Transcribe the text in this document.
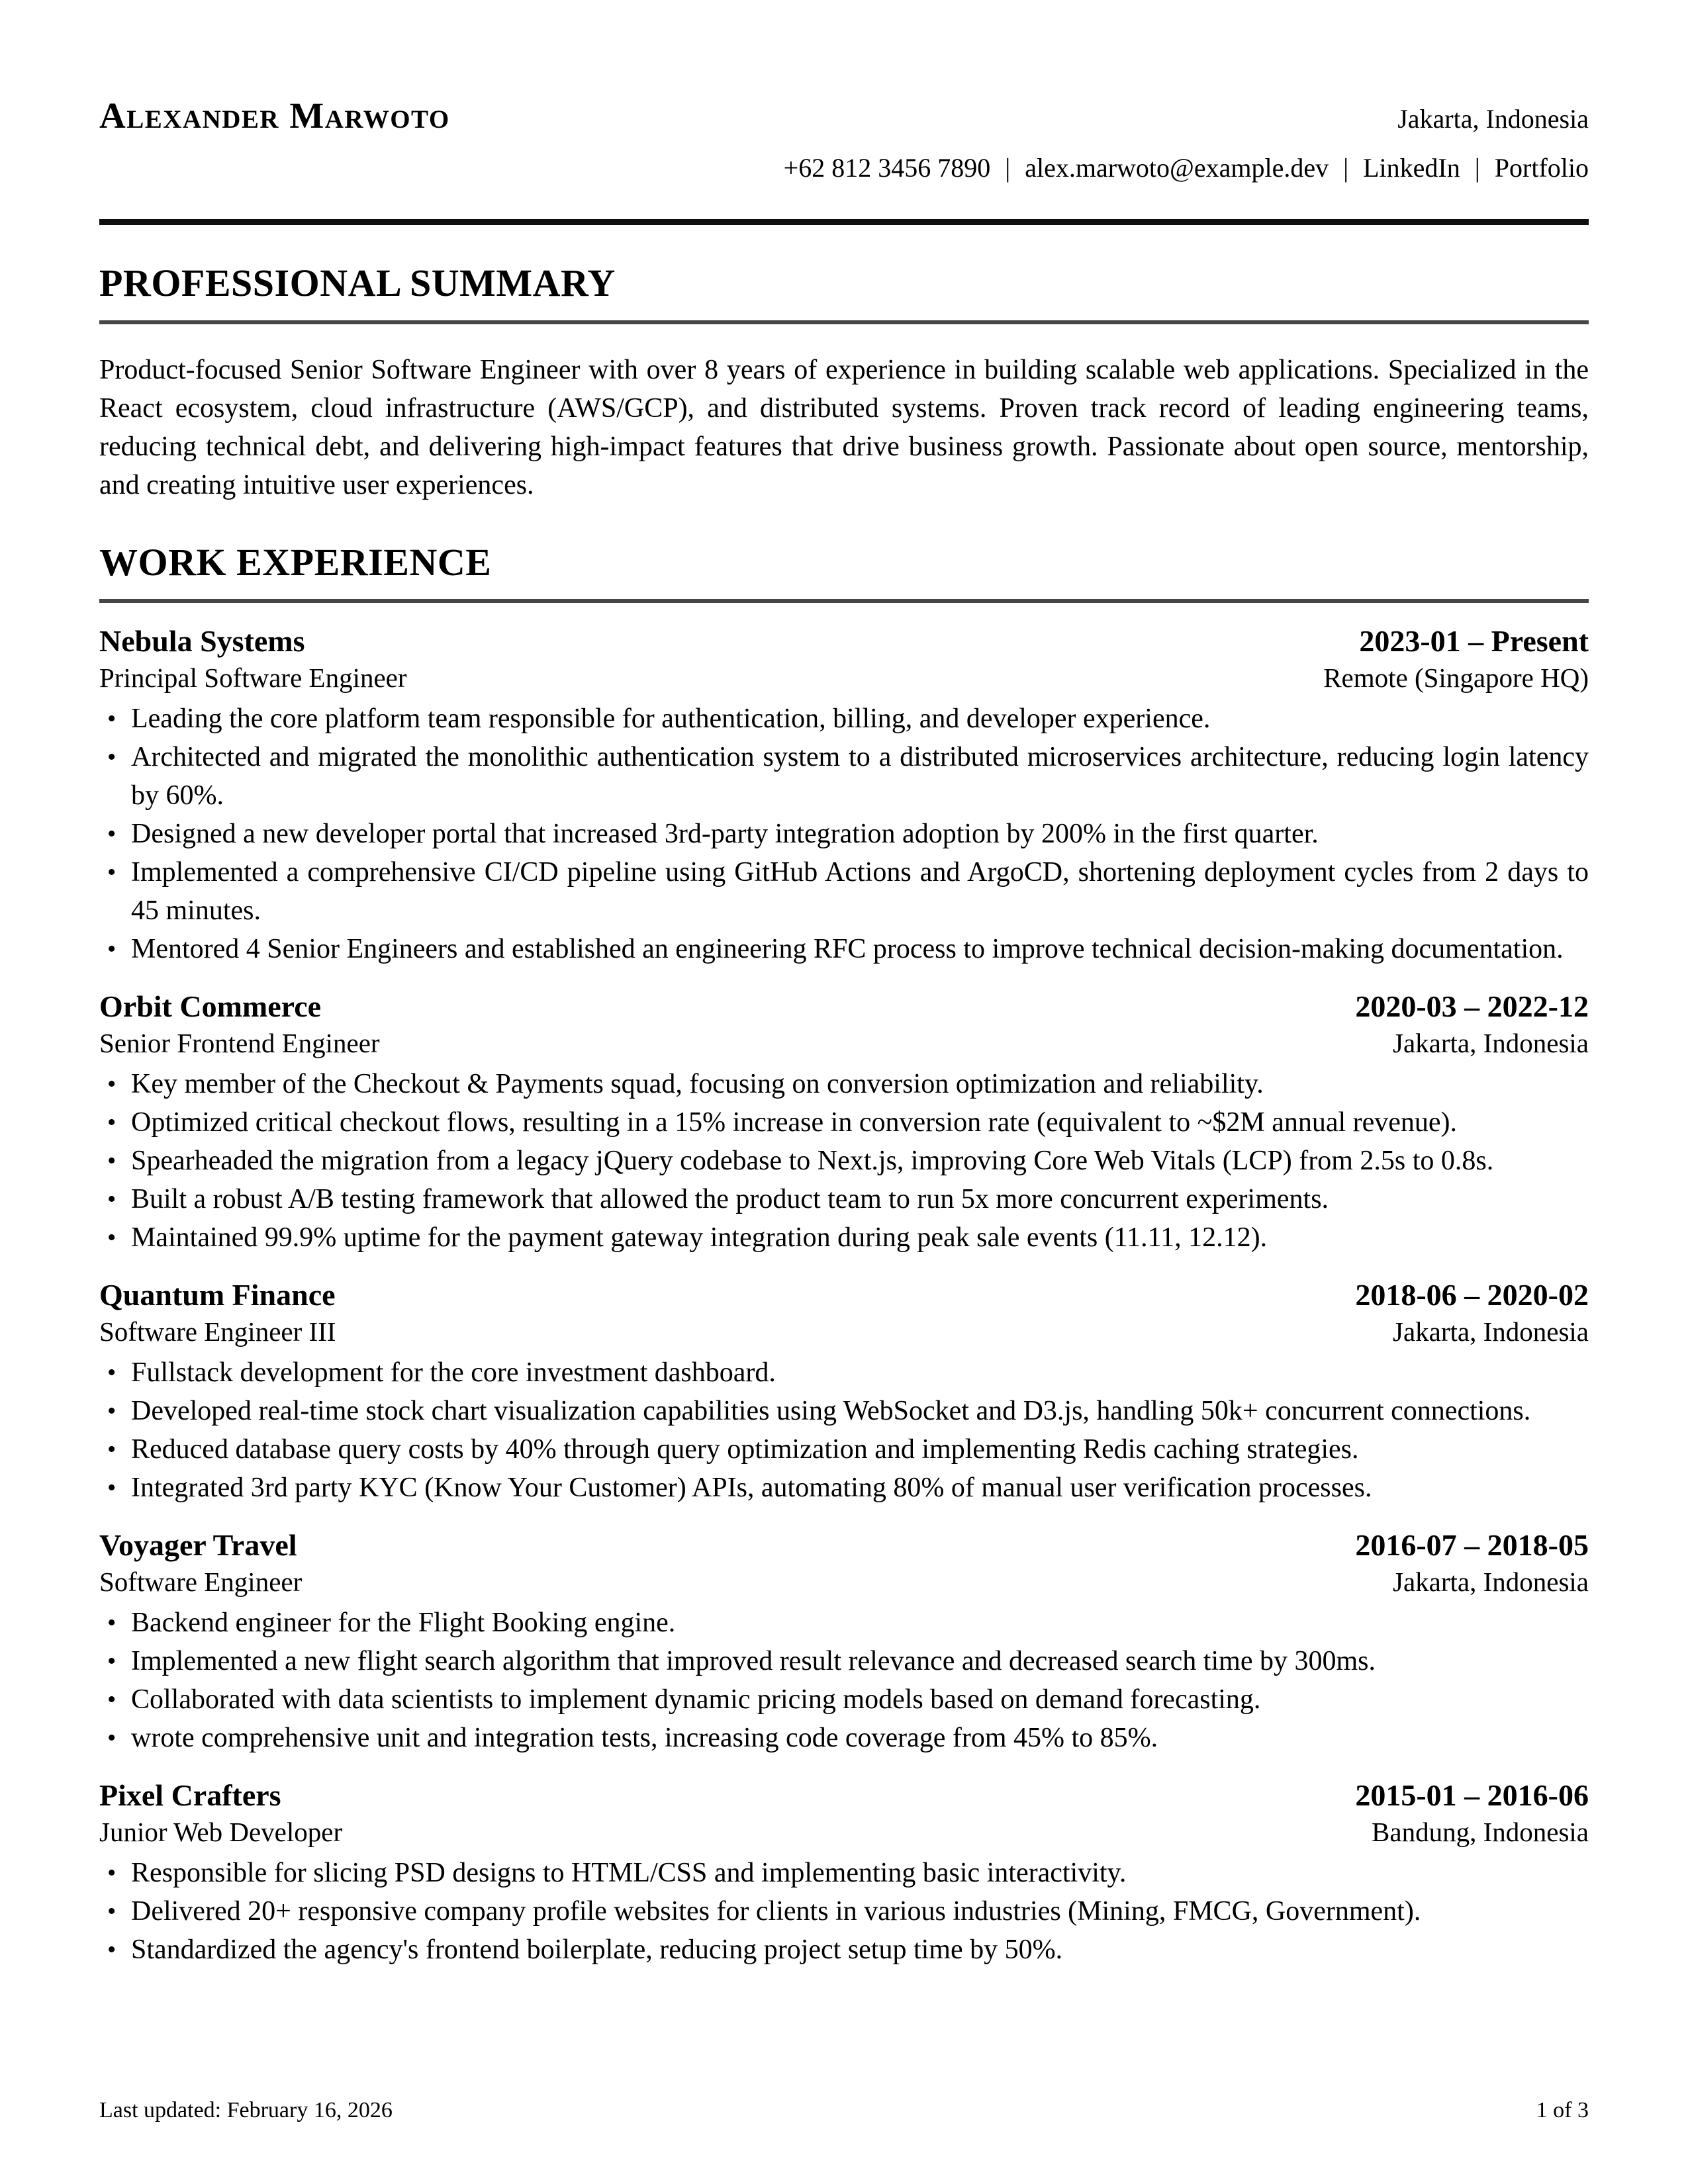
Alexander Marwoto	Jakarta, Indonesia
+62 812 3456 7890 | alex.marwoto@example.dev | LinkedIn | Portfolio
PROFESSIONAL SUMMARY

Product-focused Senior Software Engineer with over 8 years of experience in building scalable web applications. Specialized in the React ecosystem, cloud infrastructure (AWS/GCP), and distributed systems. Proven track record of leading engineering teams, reducing technical debt, and delivering high-impact features that drive business growth. Passionate about open source, mentorship, and creating intuitive user experiences.

WORK EXPERIENCE
Nebula Systems	2023-01 – Present
Principal Software Engineer	Remote (Singapore HQ)
• Leading the core platform team responsible for authentication, billing, and developer experience.
• Architected and migrated the monolithic authentication system to a distributed microservices architecture, reducing login latency by 60%.
• Designed a new developer portal that increased 3rd-party integration adoption by 200% in the first quarter.
• Implemented a comprehensive CI/CD pipeline using GitHub Actions and ArgoCD, shortening deployment cycles from 2 days to 45 minutes.
• Mentored 4 Senior Engineers and established an engineering RFC process to improve technical decision-making documentation.
Orbit Commerce	2020-03 – 2022-12
Senior Frontend Engineer	Jakarta, Indonesia
• Key member of the Checkout & Payments squad, focusing on conversion optimization and reliability.
• Optimized critical checkout flows, resulting in a 15% increase in conversion rate (equivalent to ~$2M annual revenue).
• Spearheaded the migration from a legacy jQuery codebase to Next.js, improving Core Web Vitals (LCP) from 2.5s to 0.8s.
• Built a robust A/B testing framework that allowed the product team to run 5x more concurrent experiments.
• Maintained 99.9% uptime for the payment gateway integration during peak sale events (11.11, 12.12).
Quantum Finance	2018-06 – 2020-02
Software Engineer III	Jakarta, Indonesia
• Fullstack development for the core investment dashboard.
• Developed real-time stock chart visualization capabilities using WebSocket and D3.js, handling 50k+ concurrent connections.
• Reduced database query costs by 40% through query optimization and implementing Redis caching strategies.
• Integrated 3rd party KYC (Know Your Customer) APIs, automating 80% of manual user verification processes.
Voyager Travel	2016-07 – 2018-05
Software Engineer	Jakarta, Indonesia
• Backend engineer for the Flight Booking engine.
• Implemented a new flight search algorithm that improved result relevance and decreased search time by 300ms.
• Collaborated with data scientists to implement dynamic pricing models based on demand forecasting.
• wrote comprehensive unit and integration tests, increasing code coverage from 45% to 85%.
Pixel Crafters	2015-01 – 2016-06
Junior Web Developer	Bandung, Indonesia
• Responsible for slicing PSD designs to HTML/CSS and implementing basic interactivity.
• Delivered 20+ responsive company profile websites for clients in various industries (Mining, FMCG, Government).
• Standardized the agency's frontend boilerplate, reducing project setup time by 50%.
Last updated: February 16, 2026	1 of 3
